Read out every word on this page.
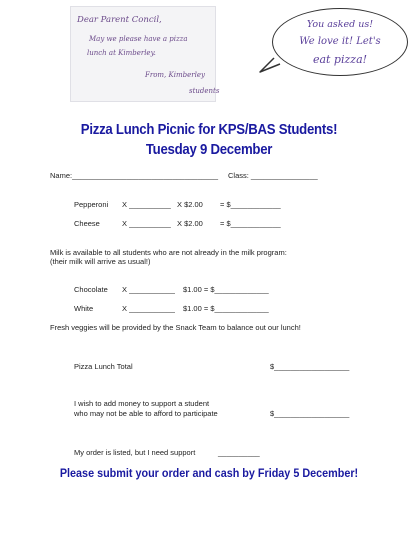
Dear Parent Concil,
May we please have a pizza
lunch at Kimberley.
From, Kimberley
students
You asked us!
We love it! Let's
eat pizza!
Pizza Lunch Picnic for KPS/BAS Students!
Tuesday 9 December
Name:___________________________________ Class: ________________
Pepperoni X __________ X $2.00 = $____________
Cheese	X __________ X $2.00 = $____________
Milk is available to all students who are not already in the milk program:
(their milk will arrive as usual!)
Chocolate X ___________ $1.00 = $_____________
White	X ___________ $1.00 = $_____________
Fresh veggies will be provided by the Snack Team to balance out our lunch!
Pizza Lunch Total	$__________________
I wish to add money to support a student
who may not be able to afford to participate	$__________________
My order is listed, but I need support	__________
Please submit your order and cash by Friday 5 December!
